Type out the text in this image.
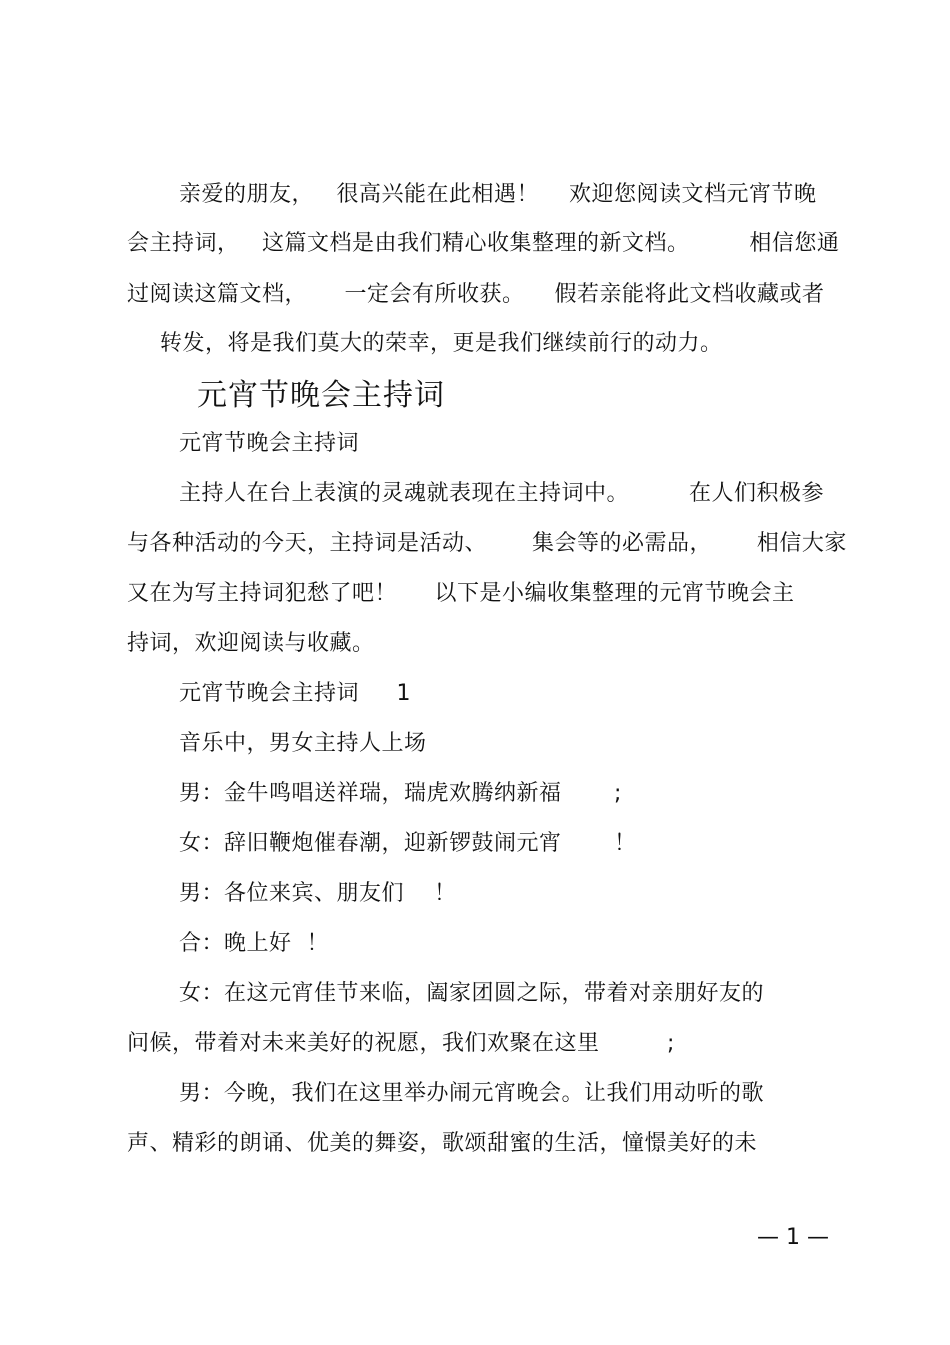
亲爱的朋友，   很高兴能在此相遇！    欢迎您阅读文档元宵节晚
会主持词，   这篇文档是由我们精心收集整理的新文档。        相信您通
过阅读这篇文档，     一定会有所收获。    假若亲能将此文档收藏或者
转发，将是我们莫大的荣幸，更是我们继续前行的动力。
元宵节晚会主持词
元宵节晚会主持词
主持人在台上表演的灵魂就表现在主持词中。        在人们积极参
与各种活动的今天，主持词是活动、      集会等的必需品，      相信大家
又在为写主持词犯愁了吧！     以下是小编收集整理的元宵节晚会主
持词，欢迎阅读与收藏。
元宵节晚会主持词     1
音乐中，男女主持人上场
男：金牛鸣唱送祥瑞，瑞虎欢腾纳新福       ;
女：辞旧鞭炮催春潮，迎新锣鼓闹元宵       ！
男：各位来宾、朋友们    ！
合：晚上好  ！
女：在这元宵佳节来临，阖家团圆之际，带着对亲朋好友的
问候，带着对未来美好的祝愿，我们欢聚在这里         ;
男：今晚，我们在这里举办闹元宵晚会。让我们用动听的歌
声、精彩的朗诵、优美的舞姿，歌颂甜蜜的生活，憧憬美好的未
— 1 —
